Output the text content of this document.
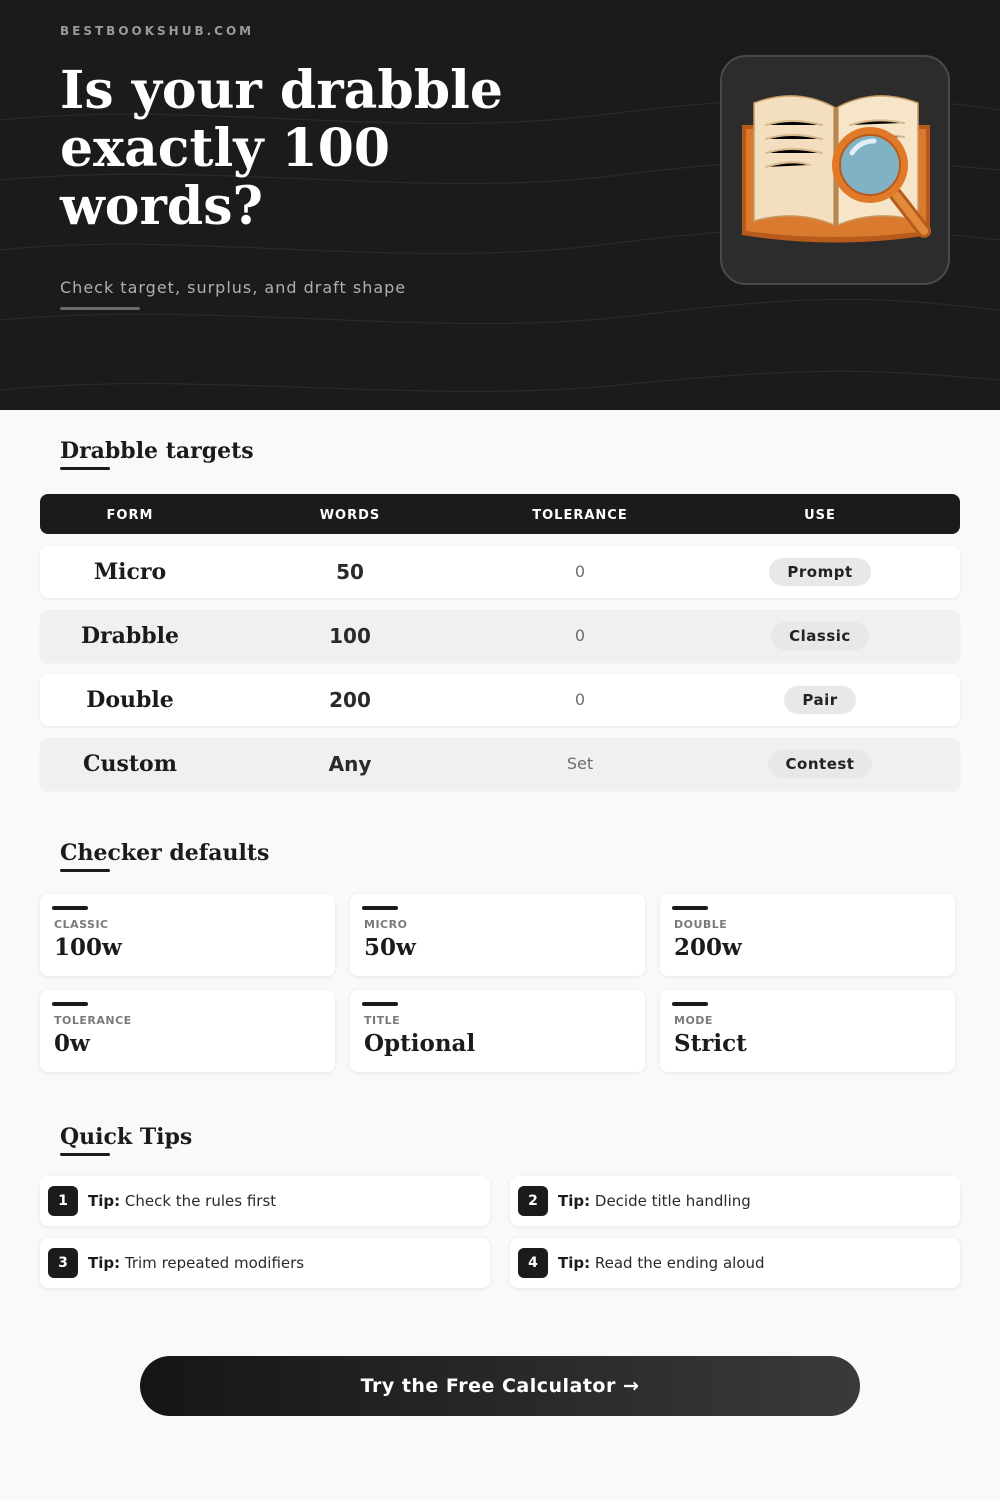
BESTBOOKSHUB.COM
Is your drabble exactly 100 words?
Check target, surplus, and draft shape
Drabble targets
FORM	WORDS	TOLERANCE	USE
Micro	50	0	Prompt
Drabble	100	0	Classic
Double	200	0	Pair
Custom	Any	Set	Contest
Checker defaults
CLASSIC
100w
MICRO
50w
DOUBLE
200w
TOLERANCE
0w
TITLE
Optional
MODE
Strict
Quick Tips
1	Tip: Check the rules first	2	Tip: Decide title handling
3	Tip: Trim repeated modifiers	4	Tip: Read the ending aloud
Try the Free Calculator →
